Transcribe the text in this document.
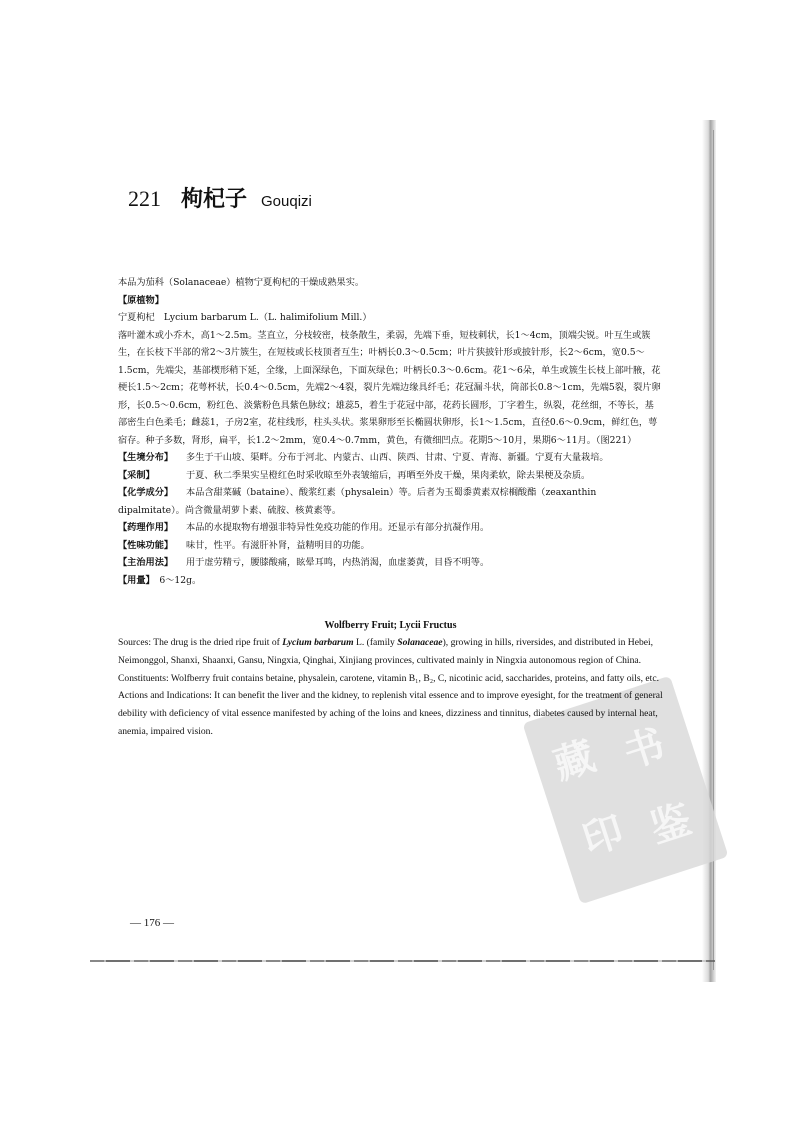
藏 书
印 鉴
221 枸杞子 Gouqizi

本品为茄科（Solanaceae）植物宁夏枸杞的干燥成熟果实。

【原植物】

宁夏枸杞　Lycium barbarum L.（L. halimifolium Mill.）

落叶灌木或小乔木，高1～2.5m。茎直立，分枝较密，枝条散生，柔弱，先端下垂，短枝刺状，长1～4cm，顶端尖锐。叶互生或簇生，在长枝下半部的常2～3片簇生，在短枝或长枝顶者互生；叶柄长0.3～0.5cm；叶片狭披针形或披针形，长2～6cm，宽0.5～1.5cm，先端尖，基部楔形稍下延，全缘，上面深绿色，下面灰绿色；叶柄长0.3～0.6cm。花1～6朵，单生或簇生长枝上部叶腋，花梗长1.5～2cm；花萼杯状，长0.4～0.5cm，先端2～4裂，裂片先端边缘具纤毛；花冠漏斗状，筒部长0.8～1cm，先端5裂，裂片卵形，长0.5～0.6cm，粉红色、淡紫粉色具紫色脉纹；雄蕊5，着生于花冠中部，花药长圆形，丁字着生，纵裂，花丝细，不等长，基部密生白色柔毛；雌蕊1，子房2室，花柱线形，柱头头状。浆果卵形至长椭圆状卵形，长1～1.5cm，直径0.6～0.9cm，鲜红色，萼宿存。种子多数，肾形，扁平，长1.2～2mm，宽0.4～0.7mm，黄色，有微细凹点。花期5～10月，果期6～11月。（图221）

【生境分布】 多生于干山坡、渠畔。分布于河北、内蒙古、山西、陕西、甘肃、宁夏、青海、新疆。宁夏有大量栽培。

【采制】	于夏、秋二季果实呈橙红色时采收晾至外表皱缩后，再晒至外皮干燥，果肉柔软，除去果梗及杂质。

【化学成分】 本品含甜菜碱（bataine）、酸浆红素（physalein）等。后者为玉蜀黍黄素双棕榈酸酯（zeaxanthin dipalmitate）。尚含微量胡萝卜素、硫胺、核黄素等。

【药理作用】 本品的水提取物有增强非特异性免疫功能的作用。还显示有部分抗凝作用。

【性味功能】 味甘，性平。有滋肝补肾，益精明目的功能。

【主治用法】 用于虚劳精亏，腰膝酸痛，眩晕耳鸣，内热消渴，血虚萎黄，目昏不明等。

【用量】　 6～12g。

Wolfberry Fruit; Lycii Fructus

Sources: The drug is the dried ripe fruit of Lycium barbarum L. (family Solanaceae), growing in hills, riversides, and distributed in Hebei, Neimonggol, Shanxi, Shaanxi, Gansu, Ningxia, Qinghai, Xinjiang provinces, cultivated mainly in Ningxia autonomous region of China.

Constituents: Wolfberry fruit contains betaine, physalein, carotene, vitamin B₁, B₂, C, nicotinic acid, saccharides, proteins, and fatty oils, etc.

Actions and Indications: It can benefit the liver and the kidney, to replenish vital essence and to improve eyesight, for the treatment of general debility with deficiency of vital essence manifested by aching of the loins and knees, dizziness and tinnitus, diabetes caused by internal heat, anemia, impaired vision.

— 176 —
